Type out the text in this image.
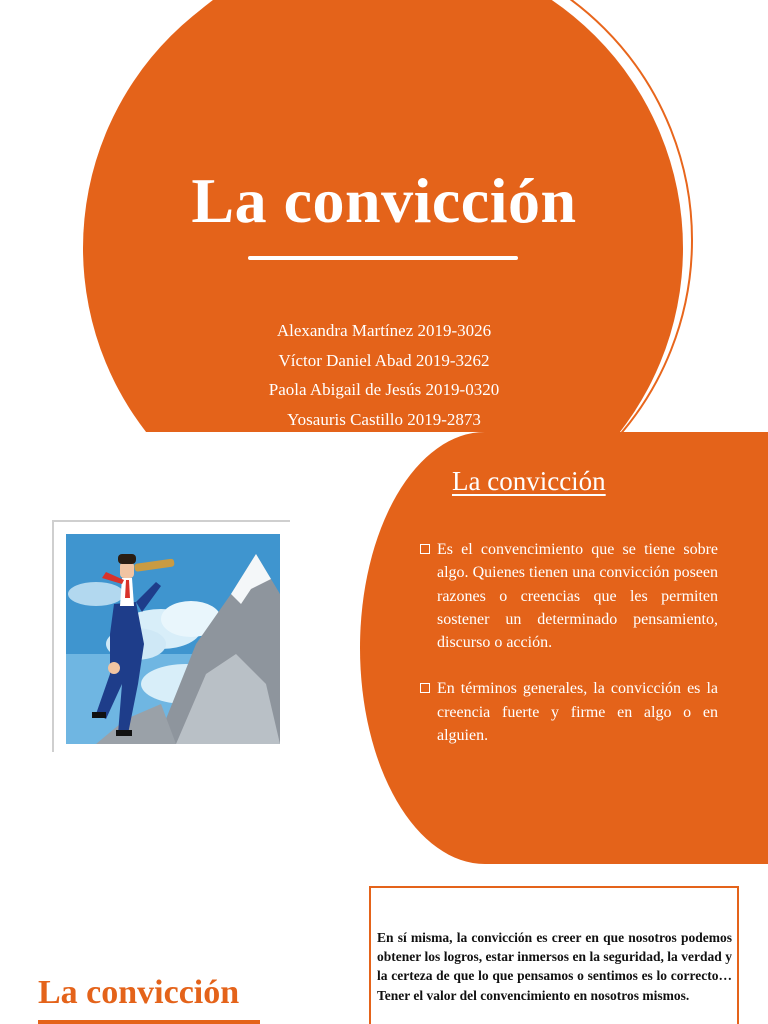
La convicción
Alexandra Martínez 2019-3026
Víctor Daniel Abad 2019-3262
Paola Abigail de Jesús 2019-0320
Yosauris Castillo 2019-2873
La convicción
Es el convencimiento que se tiene sobre algo. Quienes tienen una convicción poseen razones o creencias que les permiten sostener un determinado pensamiento, discurso o acción.
En términos generales, la convicción es la creencia fuerte y firme en algo o en alguien.
La convicción
En sí misma, la convicción es creer en que nosotros podemos obtener los logros, estar inmersos en la seguridad, la verdad y la certeza de que lo que pensamos o sentimos es lo correcto… Tener el valor del convencimiento en nosotros mismos.
